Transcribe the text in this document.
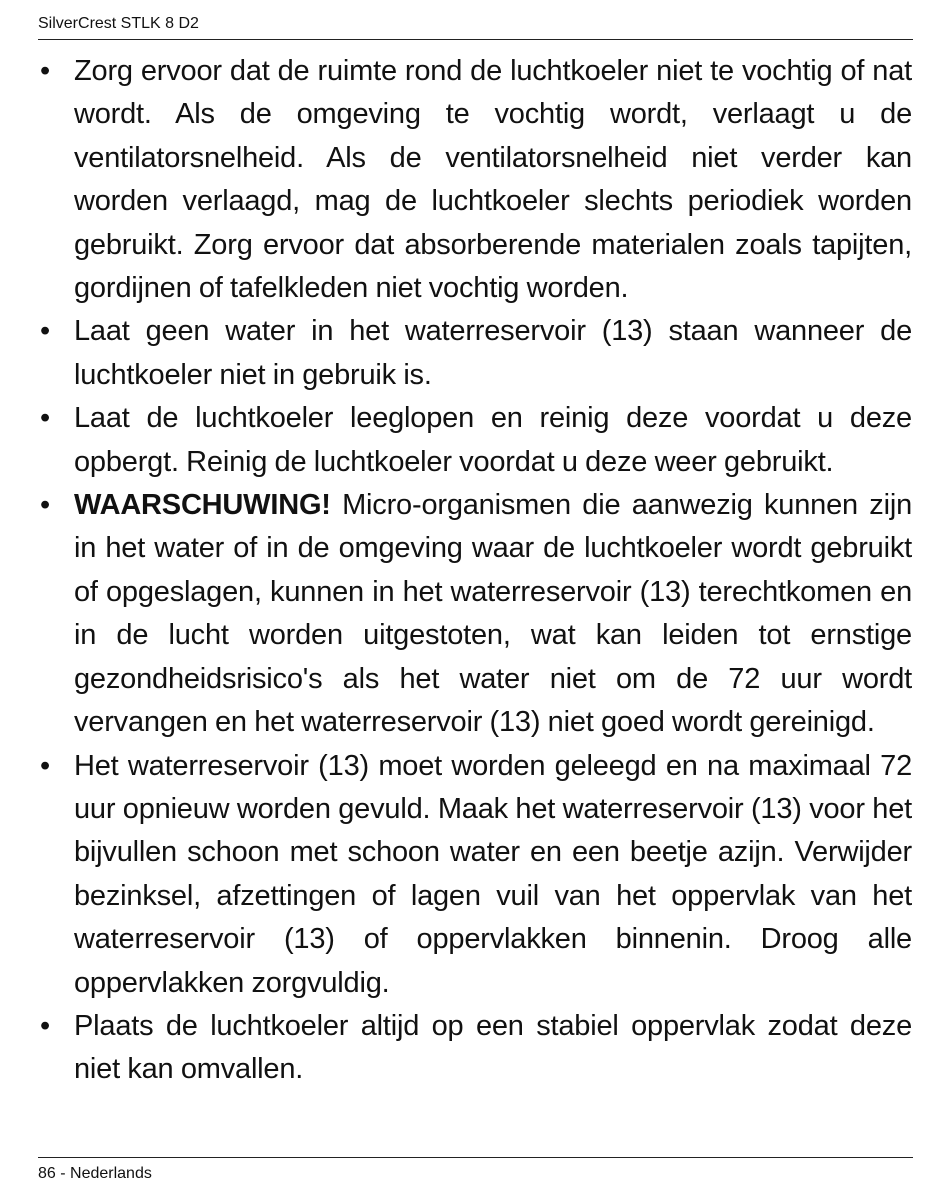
SilverCrest STLK 8 D2
• Zorg ervoor dat de ruimte rond de luchtkoeler niet te vochtig of nat wordt. Als de omgeving te vochtig wordt, verlaagt u de ventilatorsnelheid. Als de ventilatorsnelheid niet verder kan worden verlaagd, mag de luchtkoeler slechts periodiek worden gebruikt. Zorg ervoor dat absorberende materialen zoals tapijten, gordijnen of tafelkleden niet vochtig worden.
• Laat geen water in het waterreservoir (13) staan wanneer de luchtkoeler niet in gebruik is.
• Laat de luchtkoeler leeglopen en reinig deze voordat u deze opbergt. Reinig de luchtkoeler voordat u deze weer gebruikt.
• WAARSCHUWING! Micro-organismen die aanwezig kunnen zijn in het water of in de omgeving waar de luchtkoeler wordt gebruikt of opgeslagen, kunnen in het waterreservoir (13) terechtkomen en in de lucht worden uitgestoten, wat kan leiden tot ernstige gezondheidsrisico's als het water niet om de 72 uur wordt vervangen en het waterreservoir (13) niet goed wordt gereinigd.
• Het waterreservoir (13) moet worden geleegd en na maximaal 72 uur opnieuw worden gevuld. Maak het waterreservoir (13) voor het bijvullen schoon met schoon water en een beetje azijn. Verwijder bezinksel, afzettingen of lagen vuil van het oppervlak van het waterreservoir (13) of oppervlakken binnenin. Droog alle oppervlakken zorgvuldig.
• Plaats de luchtkoeler altijd op een stabiel oppervlak zodat deze niet kan omvallen.
86 - Nederlands
